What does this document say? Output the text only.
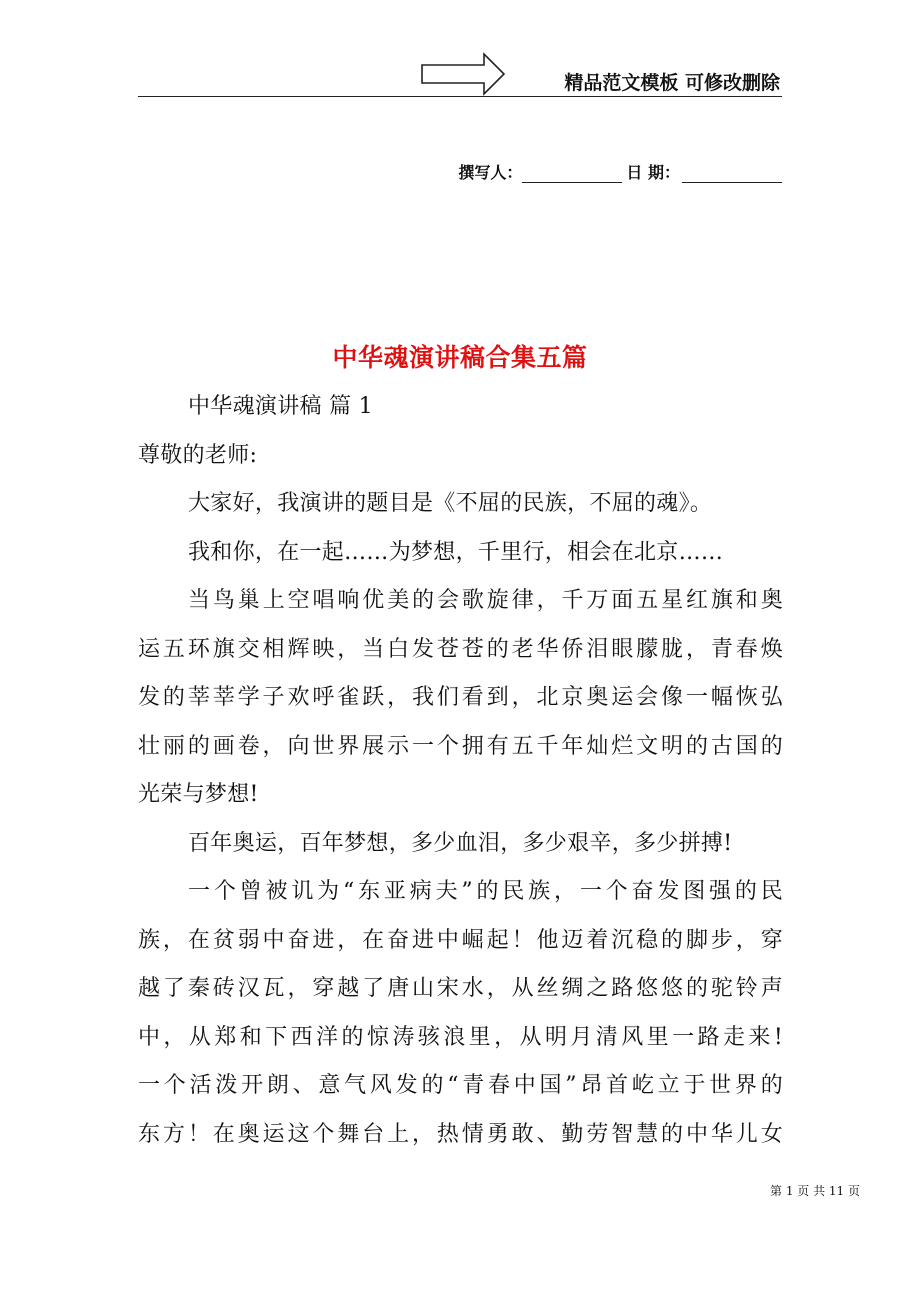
精品范文模板 可修改删除
撰写人：	日 期：
中华魂演讲稿合集五篇
中华魂演讲稿 篇 1
尊敬的老师:
大家好，我演讲的题目是《不屈的民族，不屈的魂》。
我和你，在一起……为梦想，千里行，相会在北京……
当鸟巢上空唱响优美的会歌旋律，千万面五星红旗和奥
运五环旗交相辉映，当白发苍苍的老华侨泪眼朦胧，青春焕
发的莘莘学子欢呼雀跃，我们看到，北京奥运会像一幅恢弘
壮丽的画卷，向世界展示一个拥有五千年灿烂文明的古国的
光荣与梦想!
百年奥运，百年梦想，多少血泪，多少艰辛，多少拼搏!
一个曾被讥为“东亚病夫”的民族，一个奋发图强的民
族，在贫弱中奋进，在奋进中崛起！他迈着沉稳的脚步，穿
越了秦砖汉瓦，穿越了唐山宋水，从丝绸之路悠悠的驼铃声
中，从郑和下西洋的惊涛骇浪里，从明月清风里一路走来!
一个活泼开朗、意气风发的“青春中国”昂首屹立于世界的
东方！在奥运这个舞台上，热情勇敢、勤劳智慧的中华儿女
第 1 页 共 11 页
